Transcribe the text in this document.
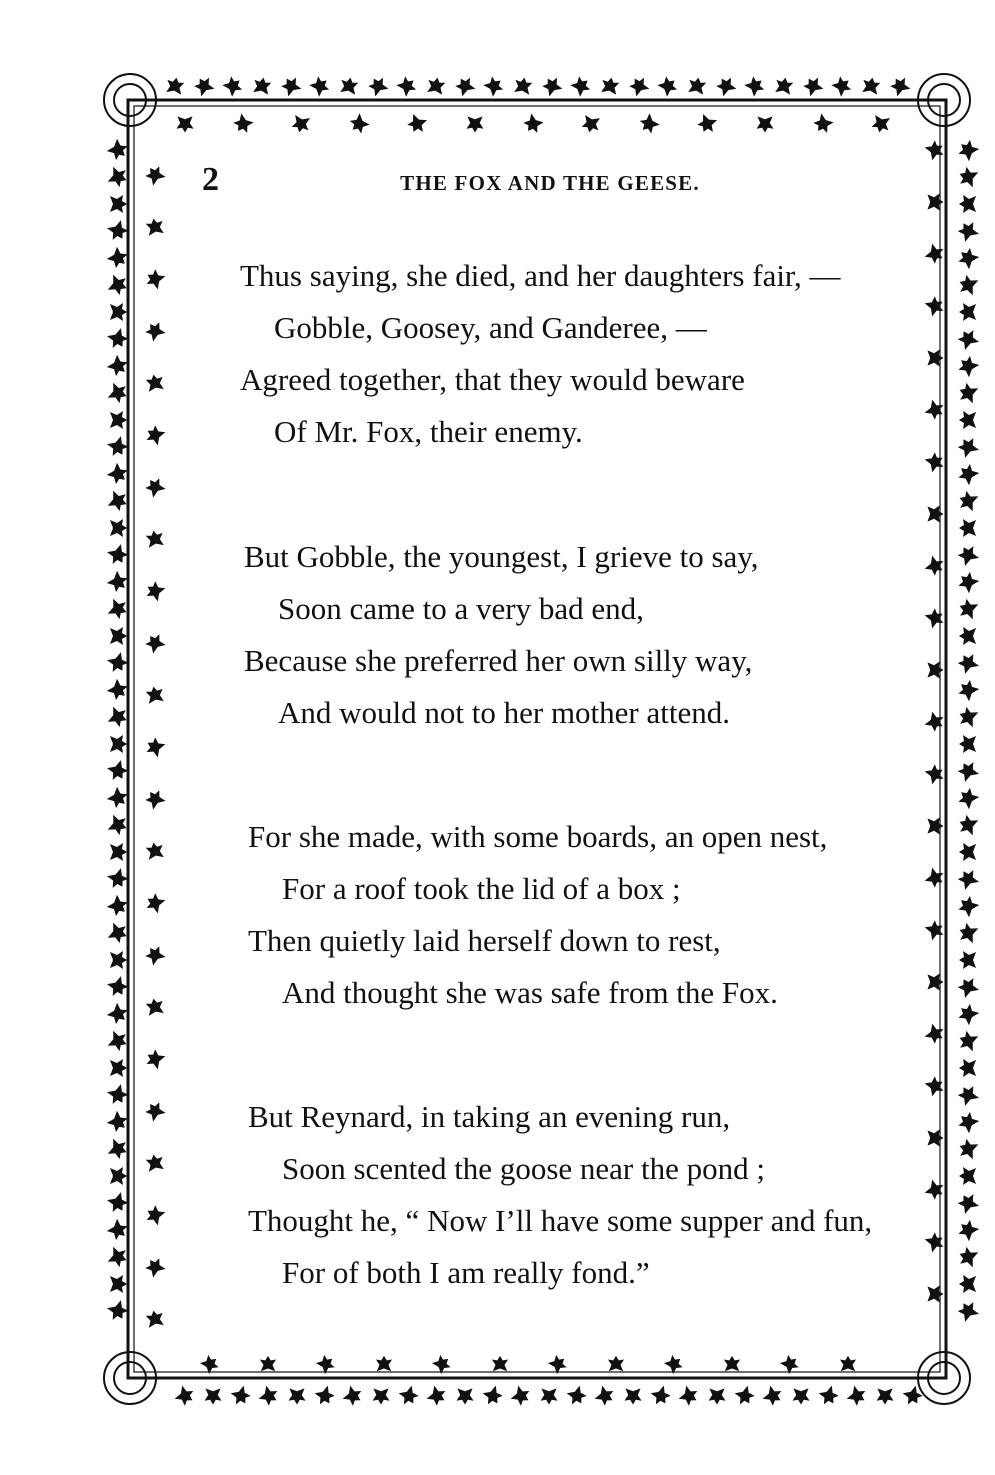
2	THE FOX AND THE GEESE.
Thus saying, she died, and her daughters fair, —
Gobble, Goosey, and Ganderee, —
Agreed together, that they would beware
Of Mr. Fox, their enemy.
But Gobble, the youngest, I grieve to say,
Soon came to a very bad end,
Because she preferred her own silly way,
And would not to her mother attend.
For she made, with some boards, an open nest,
For a roof took the lid of a box ;
Then quietly laid herself down to rest,
And thought she was safe from the Fox.
But Reynard, in taking an evening run,
Soon scented the goose near the pond ;
Thought he, “ Now I’ll have some supper and fun,
For of both I am really fond.”
